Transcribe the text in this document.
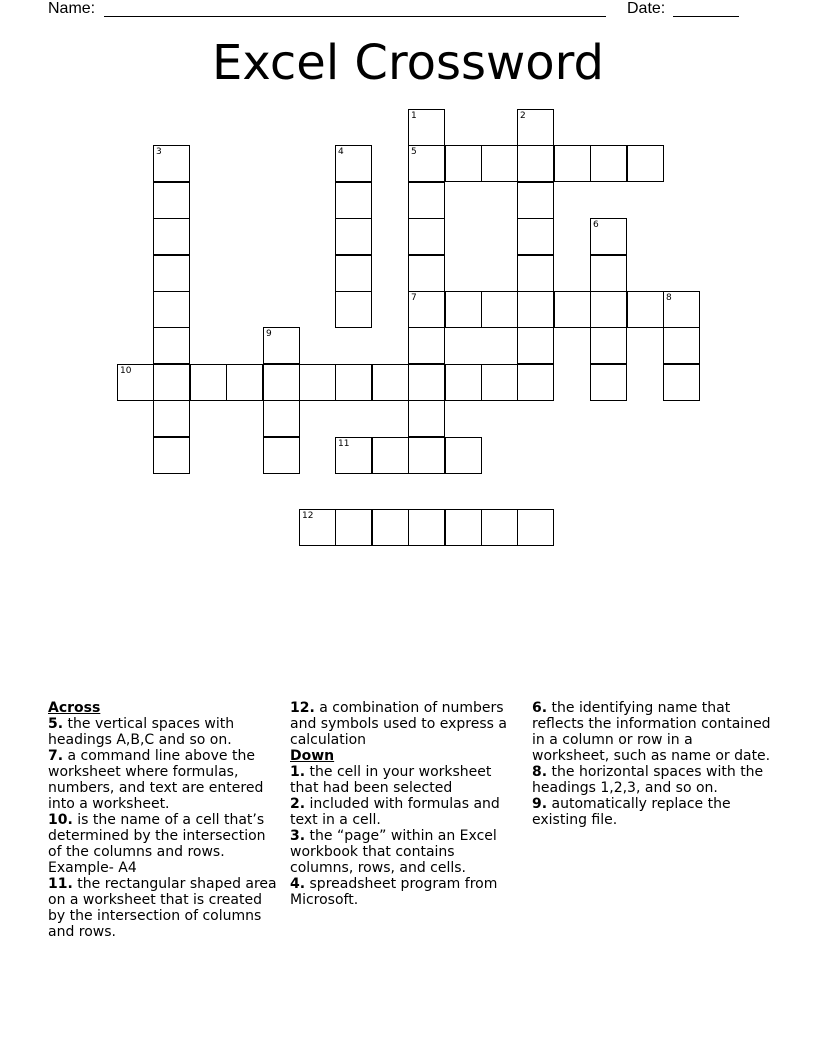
Name:	Date:
Excel Crossword
1
5
7
2
3	4
6
8
9
10
11
12

Across

5. the vertical spaces with headings A,B,C and so on.

7. a command line above the worksheet where formulas, numbers, and text are entered into a worksheet.

10. is the name of a cell that’s determined by the intersection of the columns and rows. Example- A4

11. the rectangular shaped area on a worksheet that is created by the intersection of columns and rows.

12. a combination of numbers and symbols used to express a calculation

Down

1. the cell in your worksheet that had been selected

2. included with formulas and text in a cell.

3. the “page” within an Excel workbook that contains columns, rows, and cells.

4. spreadsheet program from Microsoft.

6. the identifying name that reflects the information contained in a column or row in a worksheet, such as name or date.

8. the horizontal spaces with the headings 1,2,3, and so on.

9. automatically replace the existing file.
